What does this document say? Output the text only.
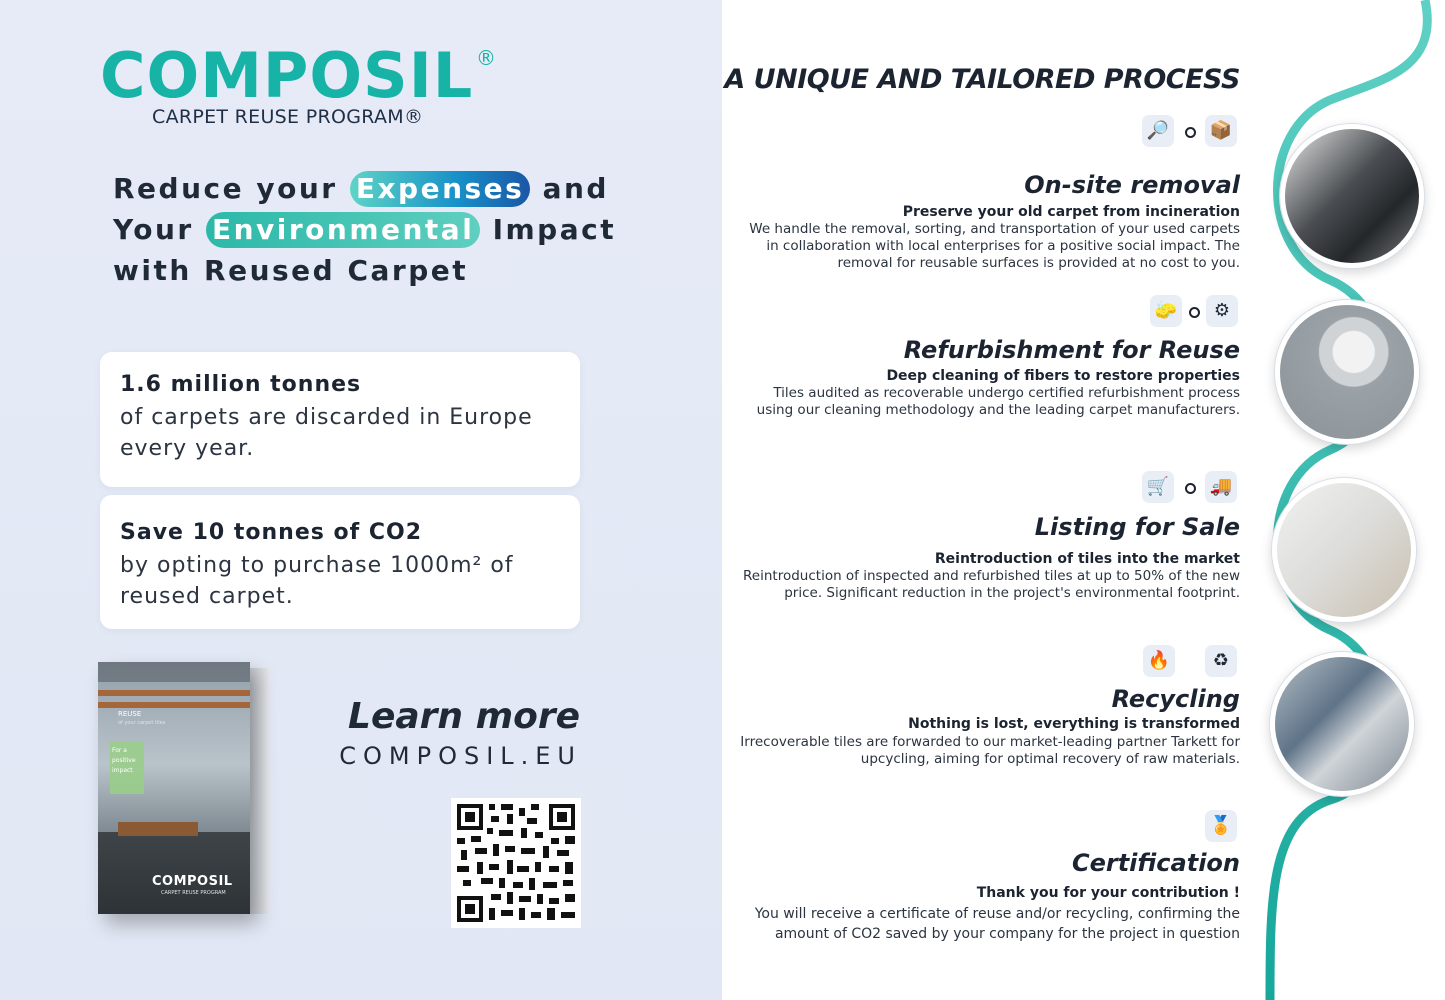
COMPOSIL ®
CARPET REUSE PROGRAM®
Reduce your Expenses and
Your Environmental Impact
with Reused Carpet
1.6 million tonnes
of carpets are discarded in Europe every year.
Save 10 tonnes of CO2
by opting to purchase 1000m² of reused carpet.
REUSE
of your carpet tiles
For a positive impact
COMPOSIL
CARPET REUSE PROGRAM
Learn more
COMPOSIL.EU
A UNIQUE AND TAILORED PROCESS
🔎 📦
On-site removal
Preserve your old carpet from incineration
We handle the removal, sorting, and transportation of your used carpets in collaboration with local enterprises for a positive social impact. The removal for reusable surfaces is provided at no cost to you.
🧽	⚙
Refurbishment for Reuse
Deep cleaning of fibers to restore properties
Tiles audited as recoverable undergo certified refurbishment process using our cleaning methodology and the leading carpet manufacturers.
🛒 🚚
Listing for Sale
Reintroduction of tiles into the market
Reintroduction of inspected and refurbished tiles at up to 50% of the new price. Significant reduction in the project's environmental footprint.
🔥	♻
Recycling
Nothing is lost, everything is transformed
Irrecoverable tiles are forwarded to our market-leading partner Tarkett for upcycling, aiming for optimal recovery of raw materials.
🏅
Certification
Thank you for your contribution !
You will receive a certificate of reuse and/or recycling, confirming the amount of CO2 saved by your company for the project in question
